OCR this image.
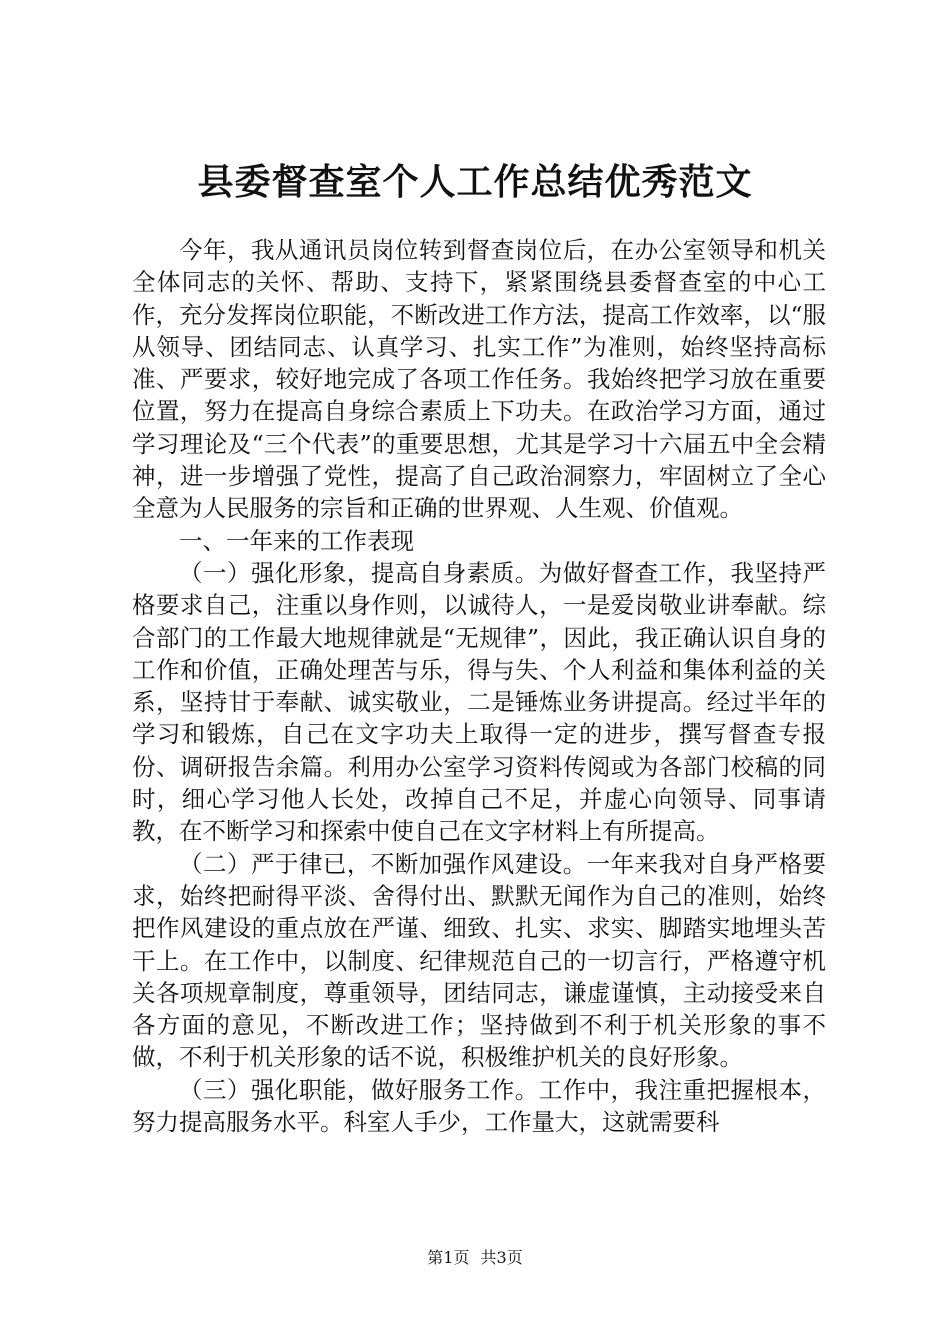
县委督查室个人工作总结优秀范文

今年，我从通讯员岗位转到督查岗位后，在办公室领导和机关全体同志的关怀、帮助、支持下，紧紧围绕县委督查室的中心工作，充分发挥岗位职能，不断改进工作方法，提高工作效率，以“服从领导、团结同志、认真学习、扎实工作”为准则，始终坚持高标准、严要求，较好地完成了各项工作任务。我始终把学习放在重要位置，努力在提高自身综合素质上下功夫。在政治学习方面，通过学习理论及“三个代表”的重要思想，尤其是学习十六届五中全会精神，进一步增强了党性，提高了自己政治洞察力，牢固树立了全心全意为人民服务的宗旨和正确的世界观、人生观、价值观。

一、一年来的工作表现

（一）强化形象，提高自身素质。为做好督查工作，我坚持严格要求自己，注重以身作则，以诚待人，一是爱岗敬业讲奉献。综合部门的工作最大地规律就是“无规律”，因此，我正确认识自身的工作和价值，正确处理苦与乐，得与失、个人利益和集体利益的关系，坚持甘于奉献、诚实敬业，二是锤炼业务讲提高。经过半年的学习和锻炼，自己在文字功夫上取得一定的进步，撰写督查专报份、调研报告余篇。利用办公室学习资料传阅或为各部门校稿的同时，细心学习他人长处，改掉自己不足，并虚心向领导、同事请教，在不断学习和探索中使自己在文字材料上有所提高。

（二）严于律已，不断加强作风建设。一年来我对自身严格要求，始终把耐得平淡、舍得付出、默默无闻作为自己的准则，始终把作风建设的重点放在严谨、细致、扎实、求实、脚踏实地埋头苦干上。在工作中，以制度、纪律规范自己的一切言行，严格遵守机关各项规章制度，尊重领导，团结同志，谦虚谨慎，主动接受来自各方面的意见，不断改进工作；坚持做到不利于机关形象的事不做，不利于机关形象的话不说，积极维护机关的良好形象。

（三）强化职能，做好服务工作。工作中，我注重把握根本，努力提高服务水平。科室人手少，工作量大，这就需要科

第1页 共3页
